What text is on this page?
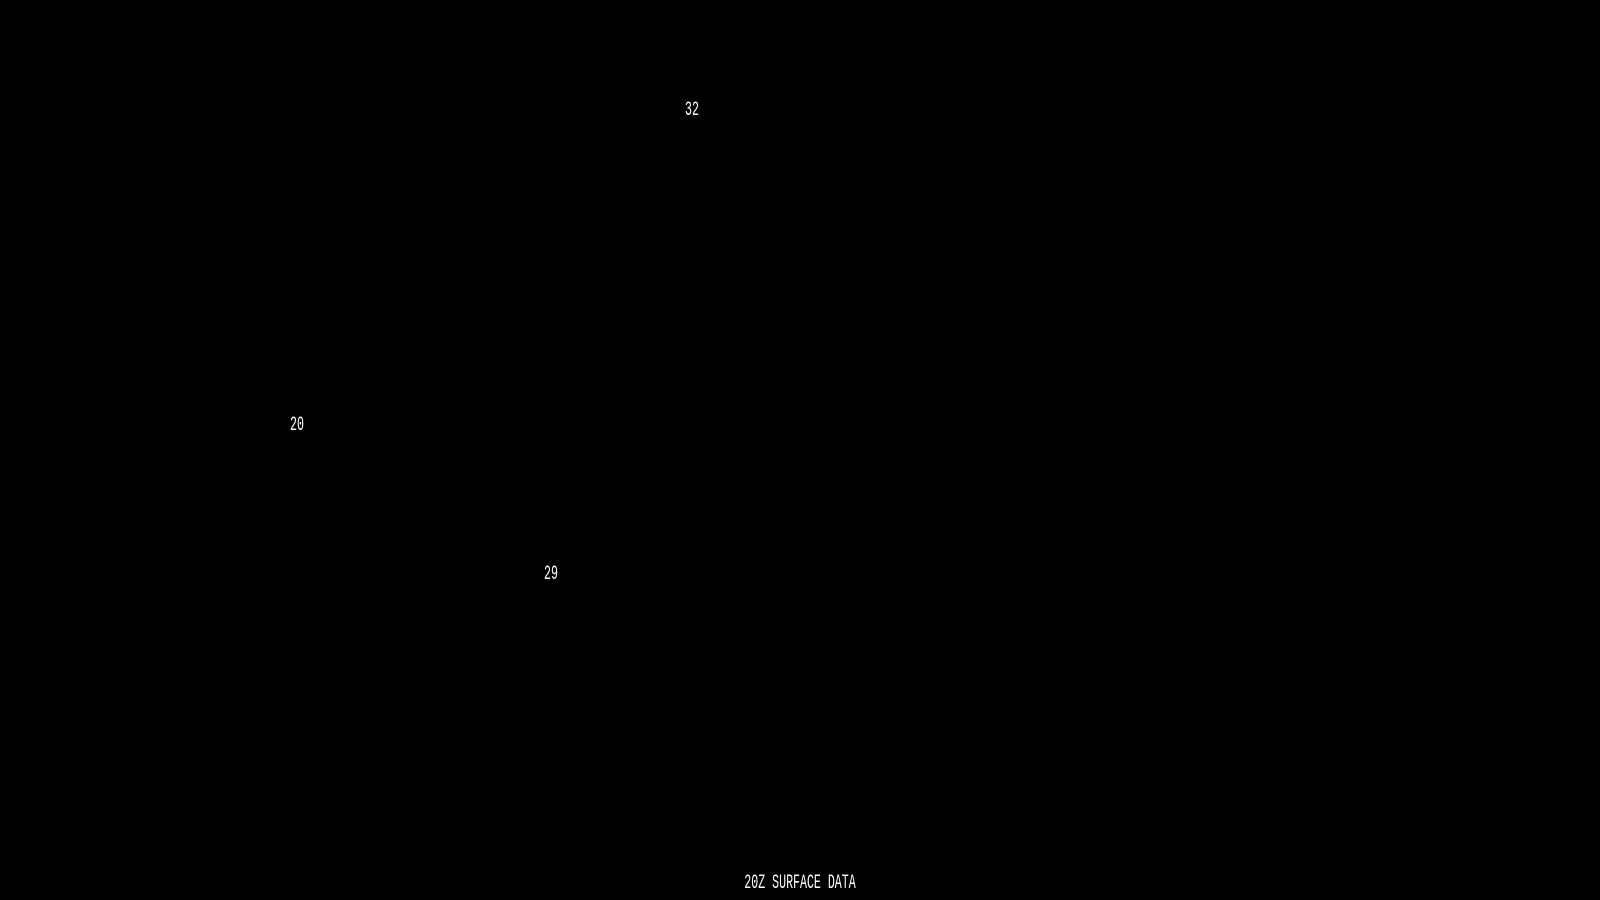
32
20
29
20Z SURFACE DATA
